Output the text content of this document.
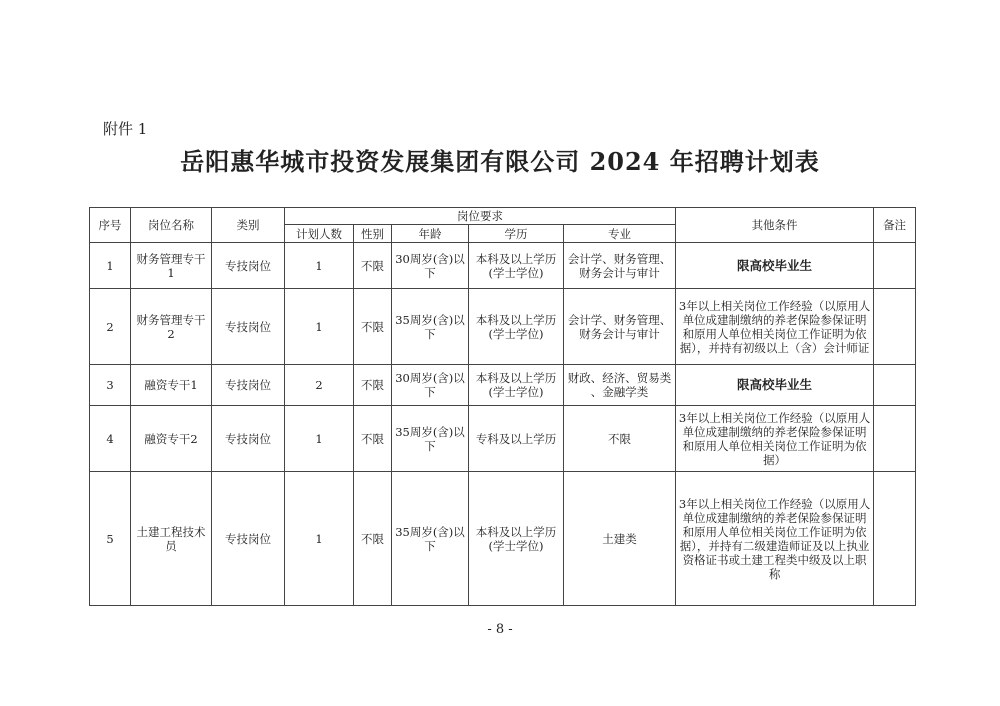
附件 1
岳阳惠华城市投资发展集团有限公司 2024 年招聘计划表
序号	岗位名称	类别	岗位要求					其他条件	备注
			计划人数	性别	年龄	学历	专业		
1	财务管理专干1	专技岗位	1	不限	30周岁(含)以下	本科及以上学历(学士学位)	会计学、财务管理、财务会计与审计	限高校毕业生	
2	财务管理专干2	专技岗位	1	不限	35周岁(含)以下	本科及以上学历(学士学位)	会计学、财务管理、财务会计与审计	3年以上相关岗位工作经验（以原用人单位成建制缴纳的养老保险参保证明和原用人单位相关岗位工作证明为依据），并持有初级以上（含）会计师证	
3	融资专干1	专技岗位	2	不限	30周岁(含)以下	本科及以上学历(学士学位)	财政、经济、贸易类 、金融学类	限高校毕业生	
4	融资专干2	专技岗位	1	不限	35周岁(含)以下	专科及以上学历	不限	3年以上相关岗位工作经验（以原用人单位成建制缴纳的养老保险参保证明和原用人单位相关岗位工作证明为依据）	
5	土建工程技术员	专技岗位	1	不限	35周岁(含)以下	本科及以上学历(学士学位)	土建类	3年以上相关岗位工作经验（以原用人单位成建制缴纳的养老保险参保证明和原用人单位相关岗位工作证明为依据），并持有二级建造师证及以上执业资格证书或土建工程类中级及以上职称	
- 8 -
